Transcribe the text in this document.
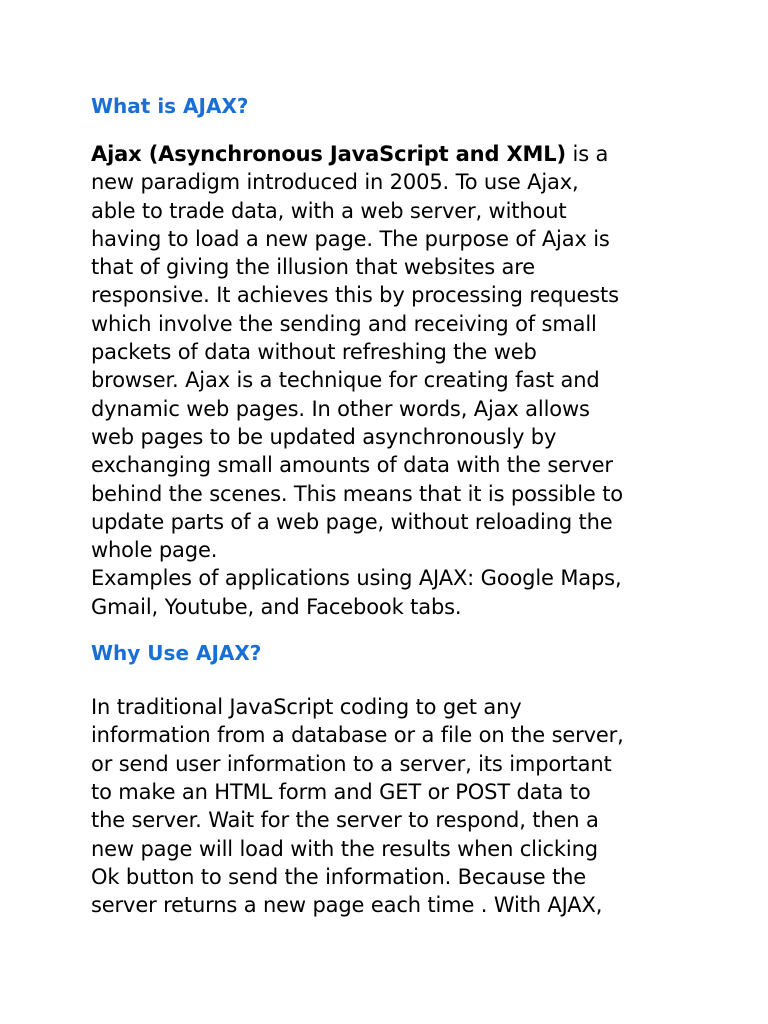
What is AJAX?

Ajax (Asynchronous JavaScript and XML) is a
new paradigm introduced in 2005. To use Ajax,
able to trade data, with a web server, without
having to load a new page. The purpose of Ajax is
that of giving the illusion that websites are
responsive. It achieves this by processing requests
which involve the sending and receiving of small
packets of data without refreshing the web
browser. Ajax is a technique for creating fast and
dynamic web pages. In other words, Ajax allows
web pages to be updated asynchronously by
exchanging small amounts of data with the server
behind the scenes. This means that it is possible to
update parts of a web page, without reloading the
whole page.

Examples of applications using AJAX: Google Maps,
Gmail, Youtube, and Facebook tabs.

Why Use AJAX?

In traditional JavaScript coding to get any
information from a database or a file on the server,
or send user information to a server, its important
to make an HTML form and GET or POST data to
the server. Wait for the server to respond, then a
new page will load with the results when clicking
Ok button to send the information. Because the
server returns a new page each time . With AJAX,
